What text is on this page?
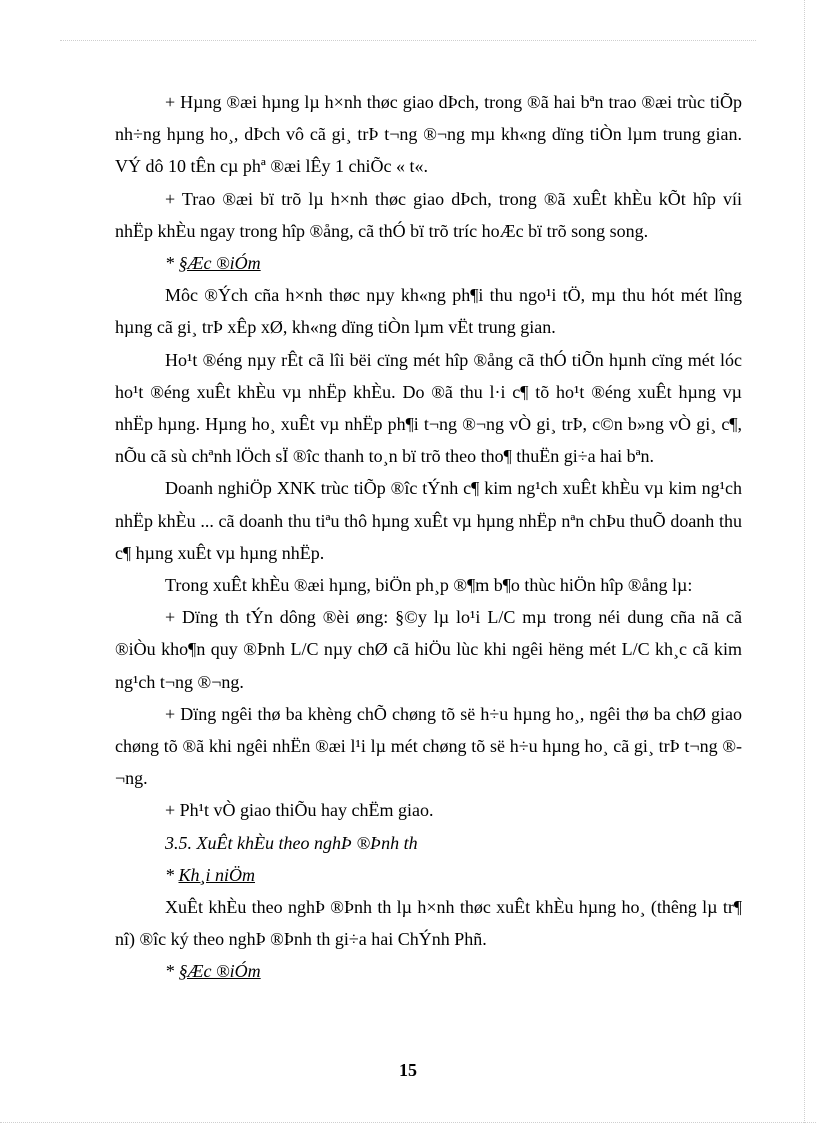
+ Hµng ®æi hµng lµ h×nh thøc giao dÞch, trong ®ã hai bªn trao ®æi trùc tiÕp nh÷ng hµng ho¸, dÞch vô cã gi¸ trÞ t¬ng ®¬ng mµ kh«ng dïng tiÒn lµm trung gian. VÝ dô 10 tÊn cµ phª ®æi lÊy 1 chiÕc « t«.

+ Trao ®æi bï trõ lµ h×nh thøc giao dÞch, trong ®ã xuÊt khÈu kÕt hîp víi nhËp khÈu ngay trong hîp ®ång, cã thÓ bï trõ tríc hoÆc bï trõ song song.

* §Æc ®iÓm

Môc ®Ých cña h×nh thøc nµy kh«ng ph¶i thu ngo¹i tÖ, mµ thu hót mét lîng hµng cã gi¸ trÞ xÊp xØ, kh«ng dïng tiÒn lµm vËt trung gian.

Ho¹t ®éng nµy rÊt cã lîi bëi cïng mét hîp ®ång cã thÓ tiÕn hµnh cïng mét lóc ho¹t ®éng xuÊt khÈu vµ nhËp khÈu. Do ®ã thu l·i c¶ tõ ho¹t ®éng xuÊt hµng vµ nhËp hµng. Hµng ho¸ xuÊt vµ nhËp ph¶i t¬ng ®¬ng vÒ gi¸ trÞ, c©n b»ng vÒ gi¸ c¶, nÕu cã sù chªnh lÖch sÏ ®îc thanh to¸n bï trõ theo tho¶ thuËn gi÷a hai bªn.

Doanh nghiÖp XNK trùc tiÕp ®îc tÝnh c¶ kim ng¹ch xuÊt khÈu vµ kim ng¹ch nhËp khÈu ... cã doanh thu tiªu thô hµng xuÊt vµ hµng nhËp nªn chÞu thuÕ doanh thu c¶ hµng xuÊt vµ hµng nhËp.

Trong xuÊt khÈu ®æi hµng, biÖn ph¸p ®¶m b¶o thùc hiÖn hîp ®ång lµ:

+ Dïng th tÝn dông ®èi øng: §©y lµ lo¹i L/C mµ trong néi dung cña nã cã ®iÒu kho¶n quy ®Þnh L/C nµy chØ cã hiÖu lùc khi ngêi hëng mét L/C kh¸c cã kim ng¹ch t¬ng ®¬ng.

+ Dïng ngêi thø ba khèng chÕ chøng tõ së h÷u hµng ho¸, ngêi thø ba chØ giao chøng tõ ®ã khi ngêi nhËn ®æi l¹i lµ mét chøng tõ së h÷u hµng ho¸ cã gi¸ trÞ t¬ng ®¬ng.

+ Ph¹t vÒ giao thiÕu hay chËm giao.

3.5. XuÊt khÈu theo nghÞ ®Þnh th

* Kh¸i niÖm

XuÊt khÈu theo nghÞ ®Þnh th lµ h×nh thøc xuÊt khÈu hµng ho¸ (thêng lµ tr¶ nî) ®îc ký theo nghÞ ®Þnh th gi÷a hai ChÝnh Phñ.

* §Æc ®iÓm

15
